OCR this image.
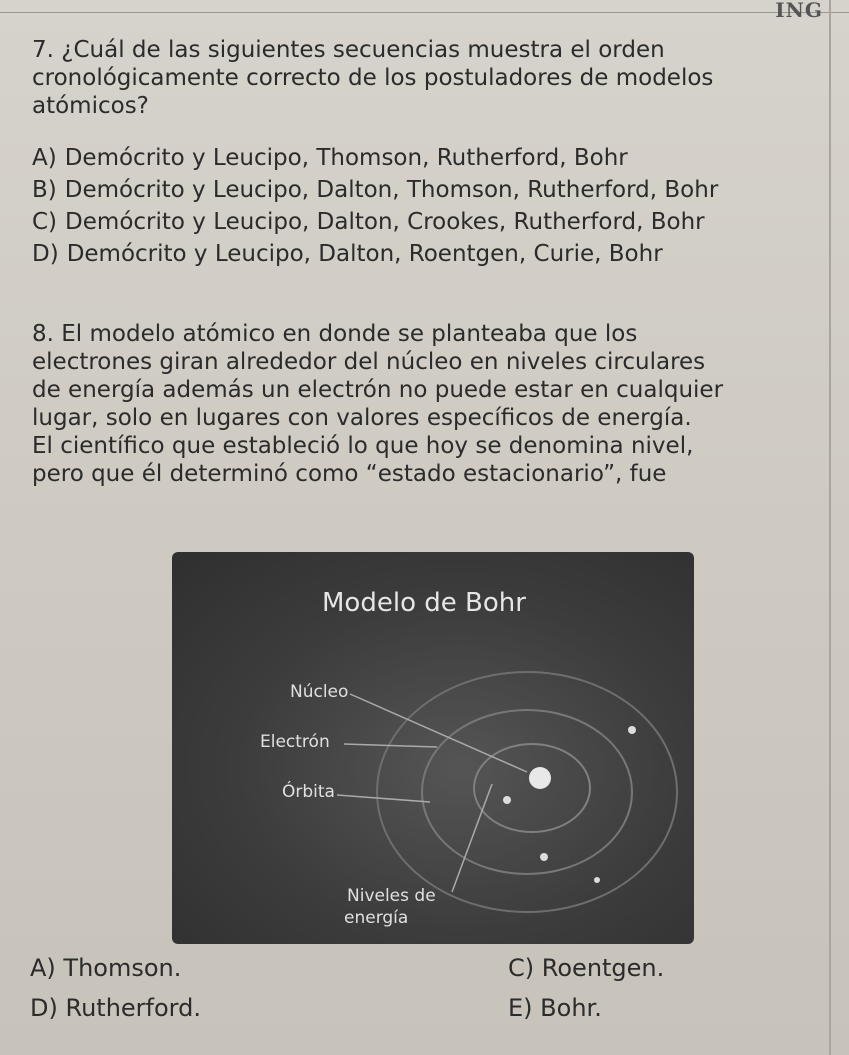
ING
7. ¿Cuál de las siguientes secuencias muestra el orden
cronológicamente correcto de los postuladores de modelos
atómicos?
A) Demócrito y Leucipo, Thomson, Rutherford, Bohr
B) Demócrito y Leucipo, Dalton, Thomson, Rutherford, Bohr
C) Demócrito y Leucipo, Dalton, Crookes, Rutherford, Bohr
D) Demócrito y Leucipo, Dalton, Roentgen, Curie, Bohr
8. El modelo atómico en donde se planteaba que los
electrones giran alrededor del núcleo en niveles circulares
de energía además un electrón no puede estar en cualquier
lugar, solo en lugares con valores específicos de energía.
El científico que estableció lo que hoy se denomina nivel,
pero que él determinó como “estado estacionario”, fue
Modelo de Bohr
Núcleo
Electrón
Órbita
Niveles de
energía
A) Thomson.	C) Roentgen.
D) Rutherford.	E) Bohr.
